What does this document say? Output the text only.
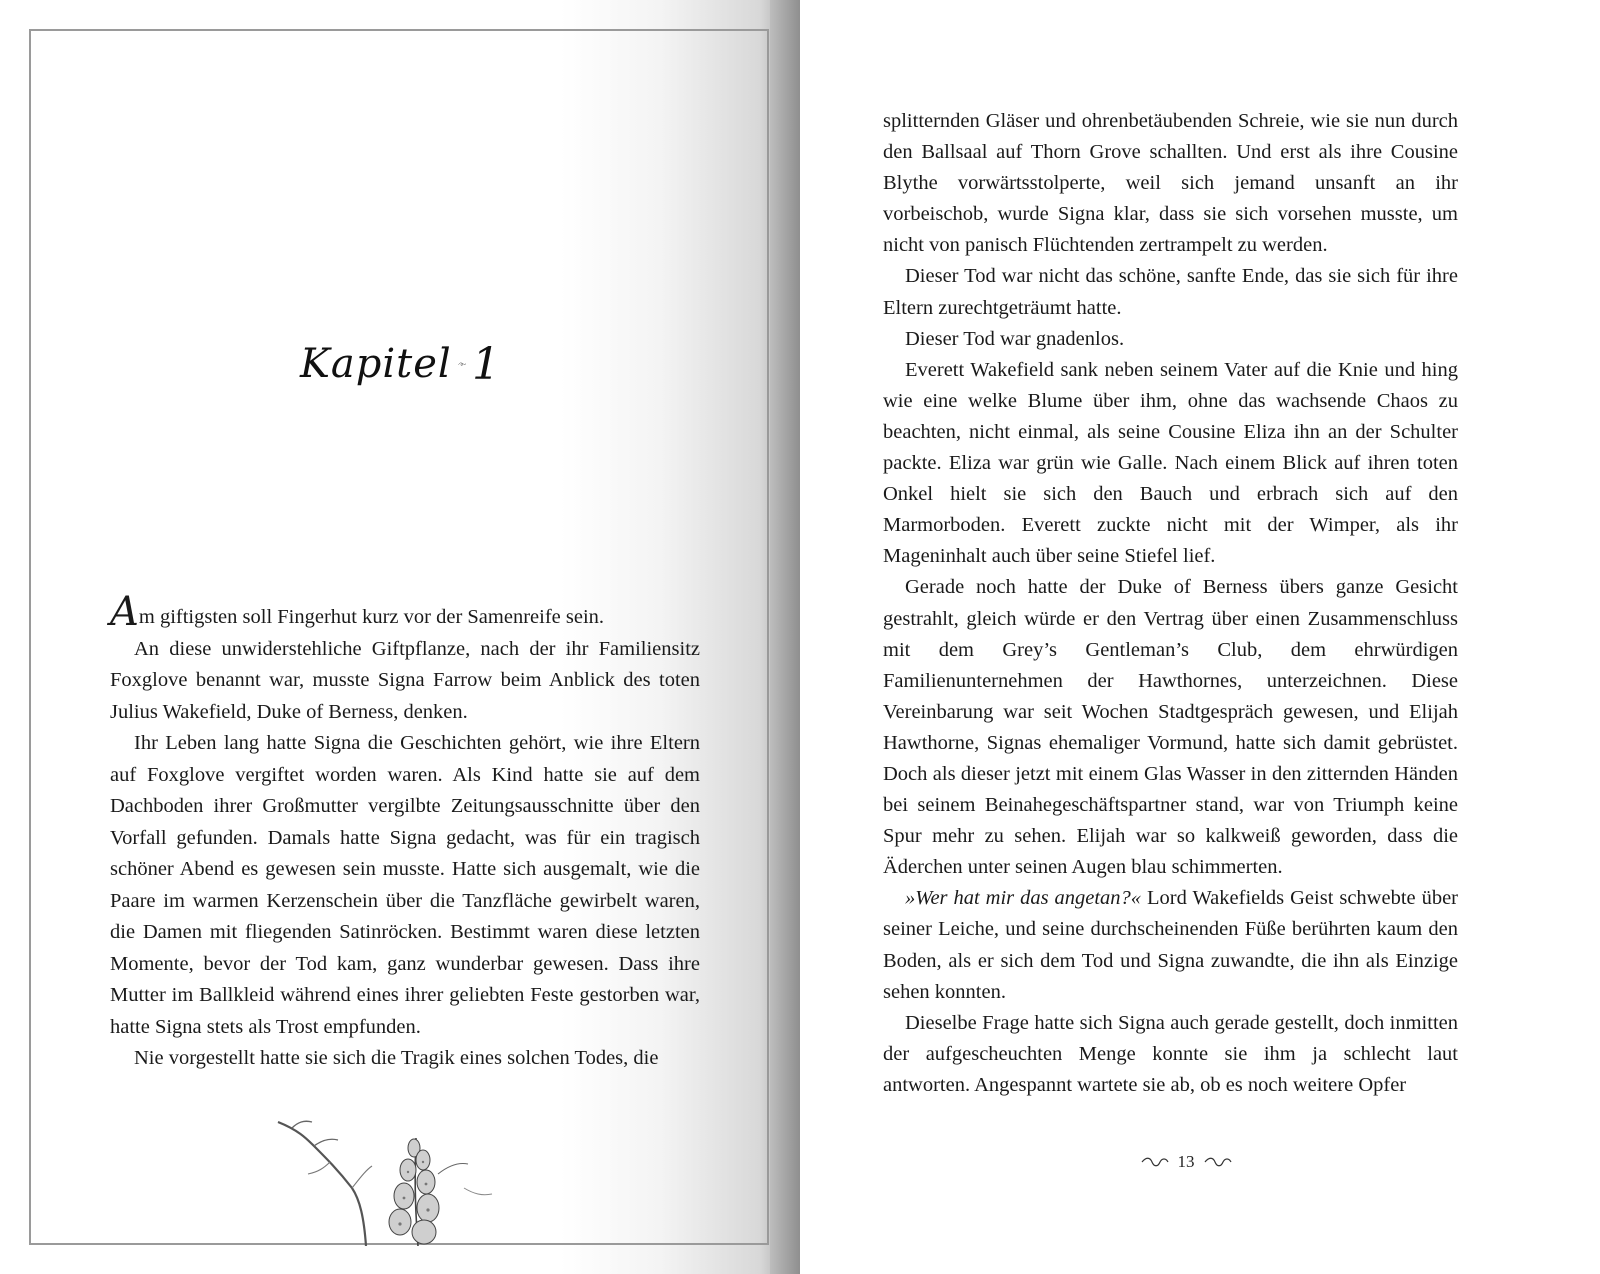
Kapitel 1

Am giftigsten soll Fingerhut kurz vor der Samenreife sein.

An diese unwiderstehliche Giftpflanze, nach der ihr Familiensitz Foxglove benannt war, musste Signa Farrow beim Anblick des toten Julius Wakefield, Duke of Berness, denken.

Ihr Leben lang hatte Signa die Geschichten gehört, wie ihre Eltern auf Foxglove vergiftet worden waren. Als Kind hatte sie auf dem Dachboden ihrer Großmutter vergilbte Zeitungsausschnitte über den Vorfall gefunden. Damals hatte Signa gedacht, was für ein tragisch schöner Abend es gewesen sein musste. Hatte sich ausgemalt, wie die Paare im warmen Kerzenschein über die Tanzfläche gewirbelt waren, die Damen mit fliegenden Satinröcken. Bestimmt waren diese letzten Momente, bevor der Tod kam, ganz wunderbar gewesen. Dass ihre Mutter im Ballkleid während eines ihrer geliebten Feste gestorben war, hatte Signa stets als Trost empfunden.

Nie vorgestellt hatte sie sich die Tragik eines solchen Todes, die

splitternden Gläser und ohrenbetäubenden Schreie, wie sie nun durch den Ballsaal auf Thorn Grove schallten. Und erst als ihre Cousine Blythe vorwärtsstolperte, weil sich jemand unsanft an ihr vorbeischob, wurde Signa klar, dass sie sich vorsehen musste, um nicht von panisch Flüchtenden zertrampelt zu werden.

Dieser Tod war nicht das schöne, sanfte Ende, das sie sich für ihre Eltern zurechtgeträumt hatte.

Dieser Tod war gnadenlos.

Everett Wakefield sank neben seinem Vater auf die Knie und hing wie eine welke Blume über ihm, ohne das wachsende Chaos zu beachten, nicht einmal, als seine Cousine Eliza ihn an der Schulter packte. Eliza war grün wie Galle. Nach einem Blick auf ihren toten Onkel hielt sie sich den Bauch und erbrach sich auf den Marmorboden. Everett zuckte nicht mit der Wimper, als ihr Mageninhalt auch über seine Stiefel lief.

Gerade noch hatte der Duke of Berness übers ganze Gesicht gestrahlt, gleich würde er den Vertrag über einen Zusammenschluss mit dem Grey’s Gentleman’s Club, dem ehrwürdigen Familienunternehmen der Hawthornes, unterzeichnen. Diese Vereinbarung war seit Wochen Stadtgespräch gewesen, und Elijah Hawthorne, Signas ehemaliger Vormund, hatte sich damit gebrüstet. Doch als dieser jetzt mit einem Glas Wasser in den zitternden Händen bei seinem Beinahegeschäftspartner stand, war von Triumph keine Spur mehr zu sehen. Elijah war so kalkweiß geworden, dass die Äderchen unter seinen Augen blau schimmerten.

»Wer hat mir das angetan?« Lord Wakefields Geist schwebte über seiner Leiche, und seine durchscheinenden Füße berührten kaum den Boden, als er sich dem Tod und Signa zuwandte, die ihn als Einzige sehen konnten.

Dieselbe Frage hatte sich Signa auch gerade gestellt, doch inmitten der aufgescheuchten Menge konnte sie ihm ja schlecht laut antworten. Angespannt wartete sie ab, ob es noch weitere Opfer

13
